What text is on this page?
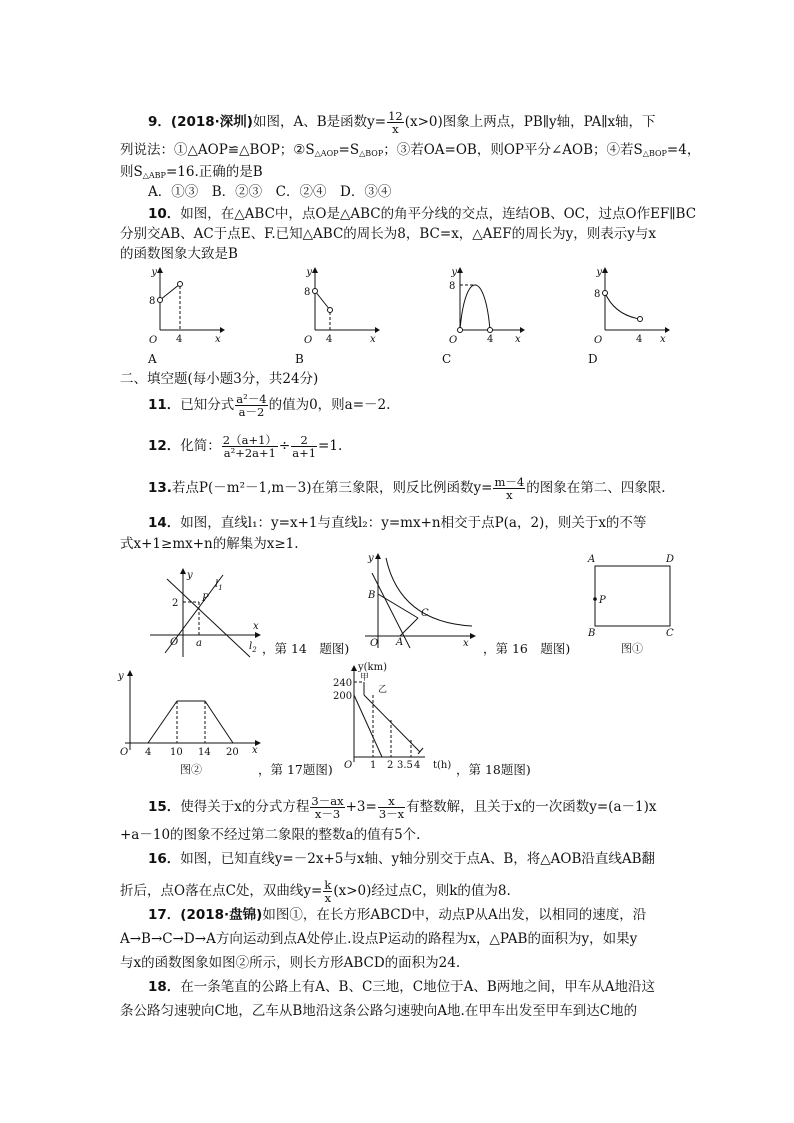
9．(2018·深圳)如图，A、B是函数$y= \frac{12}{x} (x>0)$图象上两点，PB∥y轴，PA∥x轴，下
列说法：①△AOP≌△BOP；$②S_{\triangle AOP}=S_{\triangle BOP}$；③若OA=OB，则OP平分∠AOB；④若$S_{\triangle BOP}=4$，
则$S_{\triangle ABP}=16$.正确的是B
A．①③　B．②③　C．②④　D．③④
10．如图，在△ABC中，点O是△ABC的角平分线的交点，连结OB、OC，过点O作EF∥BC
分别交AB、AC于点E、F.已知△ABC的周长为8，BC=x，△AEF的周长为y，则表示y与x
的函数图象大致是B
y
x
O
8
4
y
x
O
8
4
y
x
O
8
4
y
x
O
8
4
A	B	C	D
二、填空题(每小题3分，共24分)
11．已知分式 $\frac{\text{a²－4}}{a-2}$ 的值为0，则a=－2.
12．化简： $\frac{2(a+1)}{\text{a²+2a+1}} \div \frac{2}{a+1} =1$.
13.若点P(－m²－1,m－3)在第三象限，则反比例函数$y= \frac{m-4}{x}$ 的图象在第二、四象限.
14．如图，直线l₁：y=x+1与直线l₂：y=mx+n相交于点P(a，2)，则关于x的不等
式x+1≥mx+n的解集为x≥1.
y
x
$l_1$
$l_2$
P
2
O a	，第 14　题图)
y
x
B
C
A
O	，第 16　题图)
A	D
B	C
P
图①
y
x
O 4 10 14 20
图②	，第 17题图)
y(km)
240
200
甲
乙
O 1 2 3.5 4 t(h) ，第 18题图)
15．使得关于x的分式方程 $\frac{3-ax}{x-3} +3= \frac{x}{3-x}$ 有整数解，且关于x的一次函数y=(a－1)x
+a－10的图象不经过第二象限的整数a的值有5个.
16．如图，已知直线y=－2x+5与x轴、y轴分别交于点A、B，将△AOB沿直线AB翻
折后，点O落在点C处，双曲线$y= \frac{k}{x} (x>0)$经过点C，则k的值为8.
17．(2018·盘锦)如图①，在长方形ABCD中，动点P从A出发，以相同的速度，沿
A→B→C→D→A方向运动到点A处停止.设点P运动的路程为x，△PAB的面积为y，如果y
与x的函数图象如图②所示，则长方形ABCD的面积为24.
18．在一条笔直的公路上有A、B、C三地，C地位于A、B两地之间，甲车从A地沿这
条公路匀速驶向C地，乙车从B地沿这条公路匀速驶向A地.在甲车出发至甲车到达C地的
